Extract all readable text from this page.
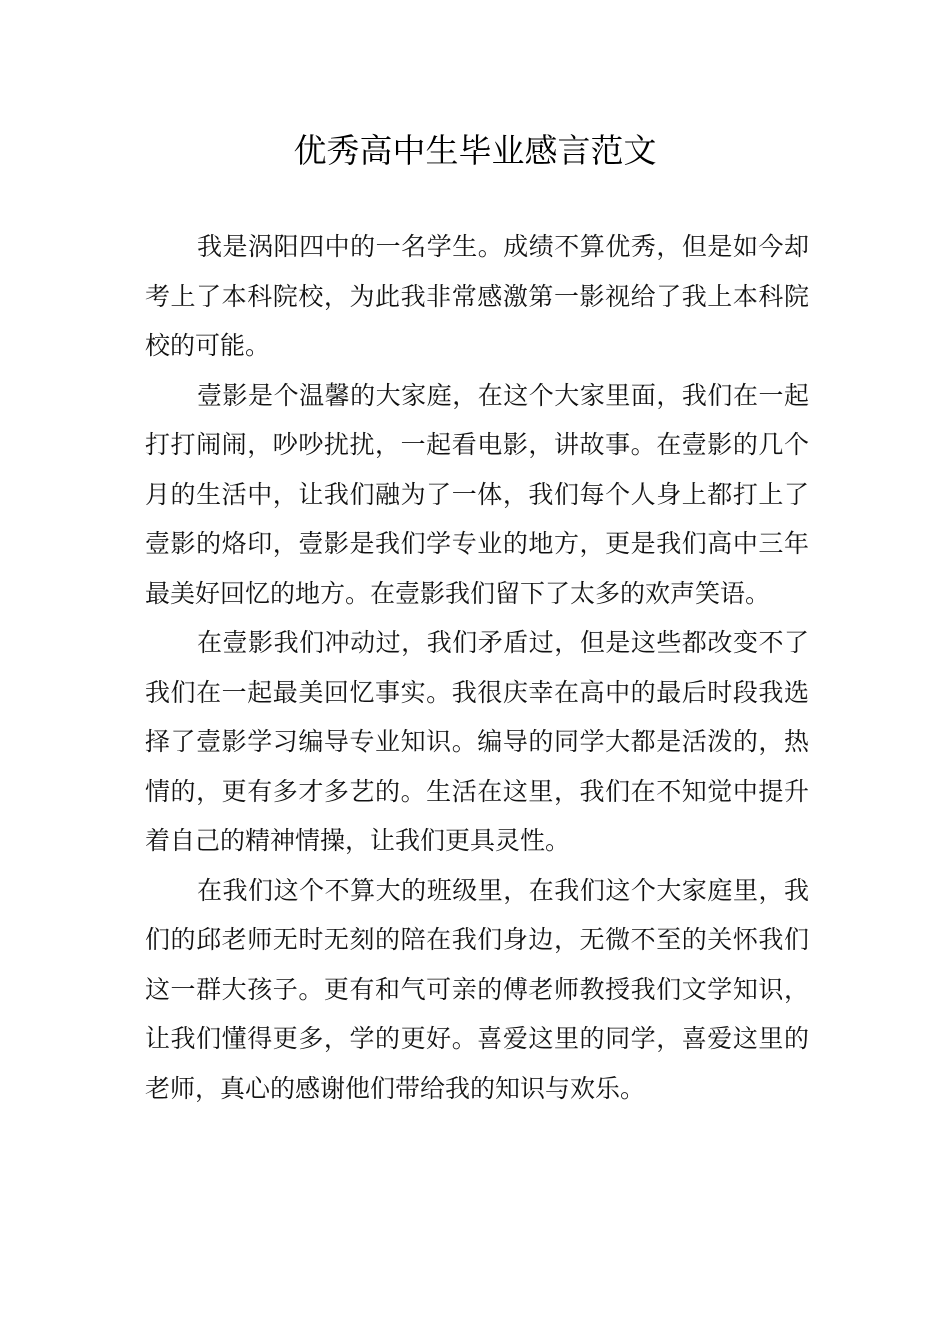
优秀高中生毕业感言范文

我是涡阳四中的一名学生。成绩不算优秀，但是如今却考上了本科院校，为此我非常感激第一影视给了我上本科院校的可能。

壹影是个温馨的大家庭，在这个大家里面，我们在一起打打闹闹，吵吵扰扰，一起看电影，讲故事。在壹影的几个月的生活中，让我们融为了一体，我们每个人身上都打上了壹影的烙印，壹影是我们学专业的地方，更是我们高中三年最美好回忆的地方。在壹影我们留下了太多的欢声笑语。

在壹影我们冲动过，我们矛盾过，但是这些都改变不了我们在一起最美回忆事实。我很庆幸在高中的最后时段我选择了壹影学习编导专业知识。编导的同学大都是活泼的，热情的，更有多才多艺的。生活在这里，我们在不知觉中提升着自己的精神情操，让我们更具灵性。

在我们这个不算大的班级里，在我们这个大家庭里，我们的邱老师无时无刻的陪在我们身边，无微不至的关怀我们这一群大孩子。更有和气可亲的傅老师教授我们文学知识，让我们懂得更多，学的更好。喜爱这里的同学，喜爱这里的老师，真心的感谢他们带给我的知识与欢乐。
